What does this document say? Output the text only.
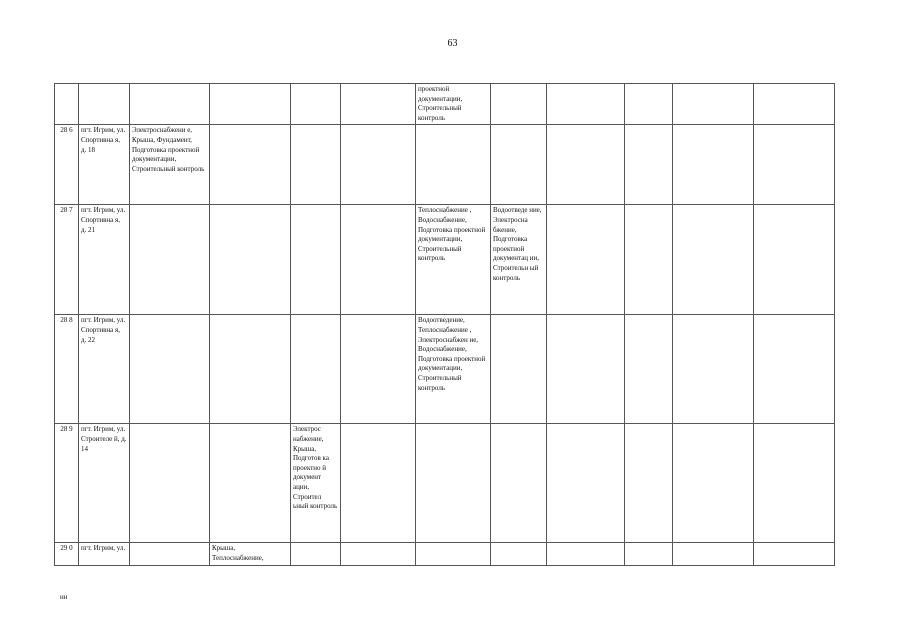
63
						проектной документации, Строительный контроль					
28 6	пгт. Игрим, ул. Спортивна я, д. 18	Электроснабжени е, Крыша, Фундамент, Подготовка проектной документации, Строительный контроль									
28 7	пгт. Игрим, ул. Спортивна я, д. 21					Теплоснабжение , Водоснабжение, Подготовка проектной документации, Строительный контроль	Водоотведе ние, Электросна бжение, Подготовка проектной документац ии, Строительн ый контроль				
28 8	пгт. Игрим, ул. Спортивна я, д. 22					Водоотведение, Теплоснабжение , Электроснабжен ие, Водоснабжение, Подготовка проектной документации, Строительный контроль					
28 9	пгт. Игрим, ул. Строителе й, д. 14			Электрос набжение, Крыша, Подготов ка проектно й документ ации, Строител ьный контроль							
29 0	пгт. Игрим, ул.		Крыша, Теплоснабжение,								
нн
